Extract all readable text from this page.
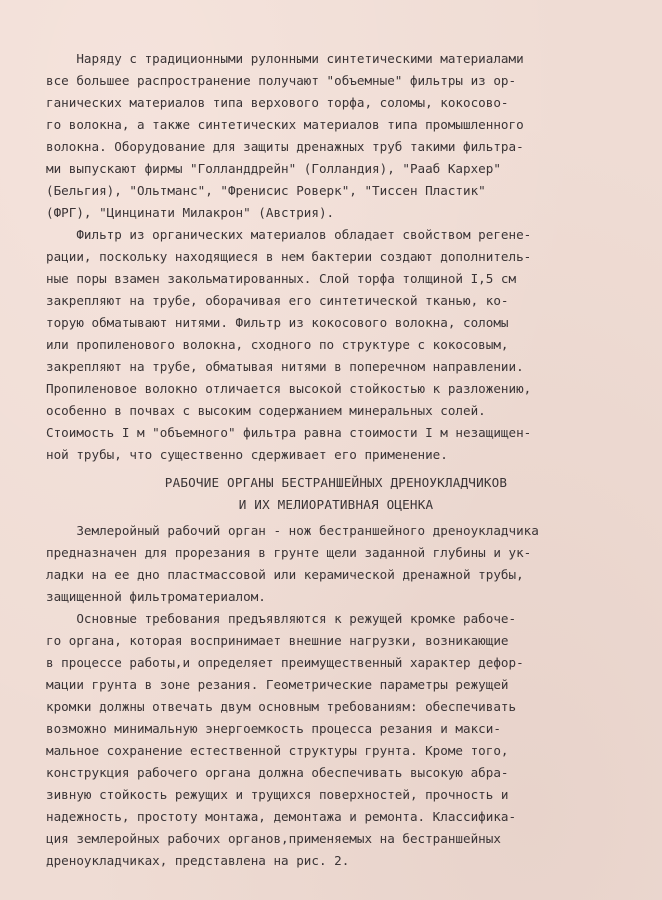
Наряду с традиционными рулонными синтетическими материалами
все большее распространение получают "объемные" фильтры из ор-
ганических материалов типа верхового торфа, соломы, кокосово-
го волокна, а также синтетических материалов типа промышленного
волокна. Оборудование для защиты дренажных труб такими фильтра-
ми выпускают фирмы "Голланддрейн" (Голландия), "Рааб Кархер"
(Бельгия), "Ольтманс", "Френисис Роверк", "Тиссен Пластик"
(ФРГ), "Цинцинати Милакрон" (Австрия).
Фильтр из органических материалов обладает свойством регене-
рации, поскольку находящиеся в нем бактерии создают дополнитель-
ные поры взамен закольматированных. Слой торфа толщиной I,5 см
закрепляют на трубе, оборачивая его синтетической тканью, ко-
торую обматывают нитями. Фильтр из кокосового волокна, соломы
или пропиленового волокна, сходного по структуре с кокосовым,
закрепляют на трубе, обматывая нитями в поперечном направлении.
Пропиленовое волокно отличается высокой стойкостью к разложению,
особенно в почвах с высоким содержанием минеральных солей.
Стоимость I м "объемного" фильтра равна стоимости I м незащищен-
ной трубы, что существенно сдерживает его применение.
РАБОЧИЕ ОРГАНЫ БЕСТРАНШЕЙНЫХ ДРЕНОУКЛАДЧИКОВ
И ИХ МЕЛИОРАТИВНАЯ ОЦЕНКА
Землеройный рабочий орган - нож бестраншейного дреноукладчика
предназначен для прорезания в грунте щели заданной глубины и ук-
ладки на ее дно пластмассовой или керамической дренажной трубы,
защищенной фильтроматериалом.
Основные требования предъявляются к режущей кромке рабоче-
го органа, которая воспринимает внешние нагрузки, возникающие
в процессе работы,и определяет преимущественный характер дефор-
мации грунта в зоне резания. Геометрические параметры режущей
кромки должны отвечать двум основным требованиям: обеспечивать
возможно минимальную энергоемкость процесса резания и макси-
мальное сохранение естественной структуры грунта. Кроме того,
конструкция рабочего органа должна обеспечивать высокую абра-
зивную стойкость режущих и трущихся поверхностей, прочность и
надежность, простоту монтажа, демонтажа и ремонта. Классифика-
ция землеройных рабочих органов,применяемых на бестраншейных
дреноукладчиках, представлена на рис. 2.
